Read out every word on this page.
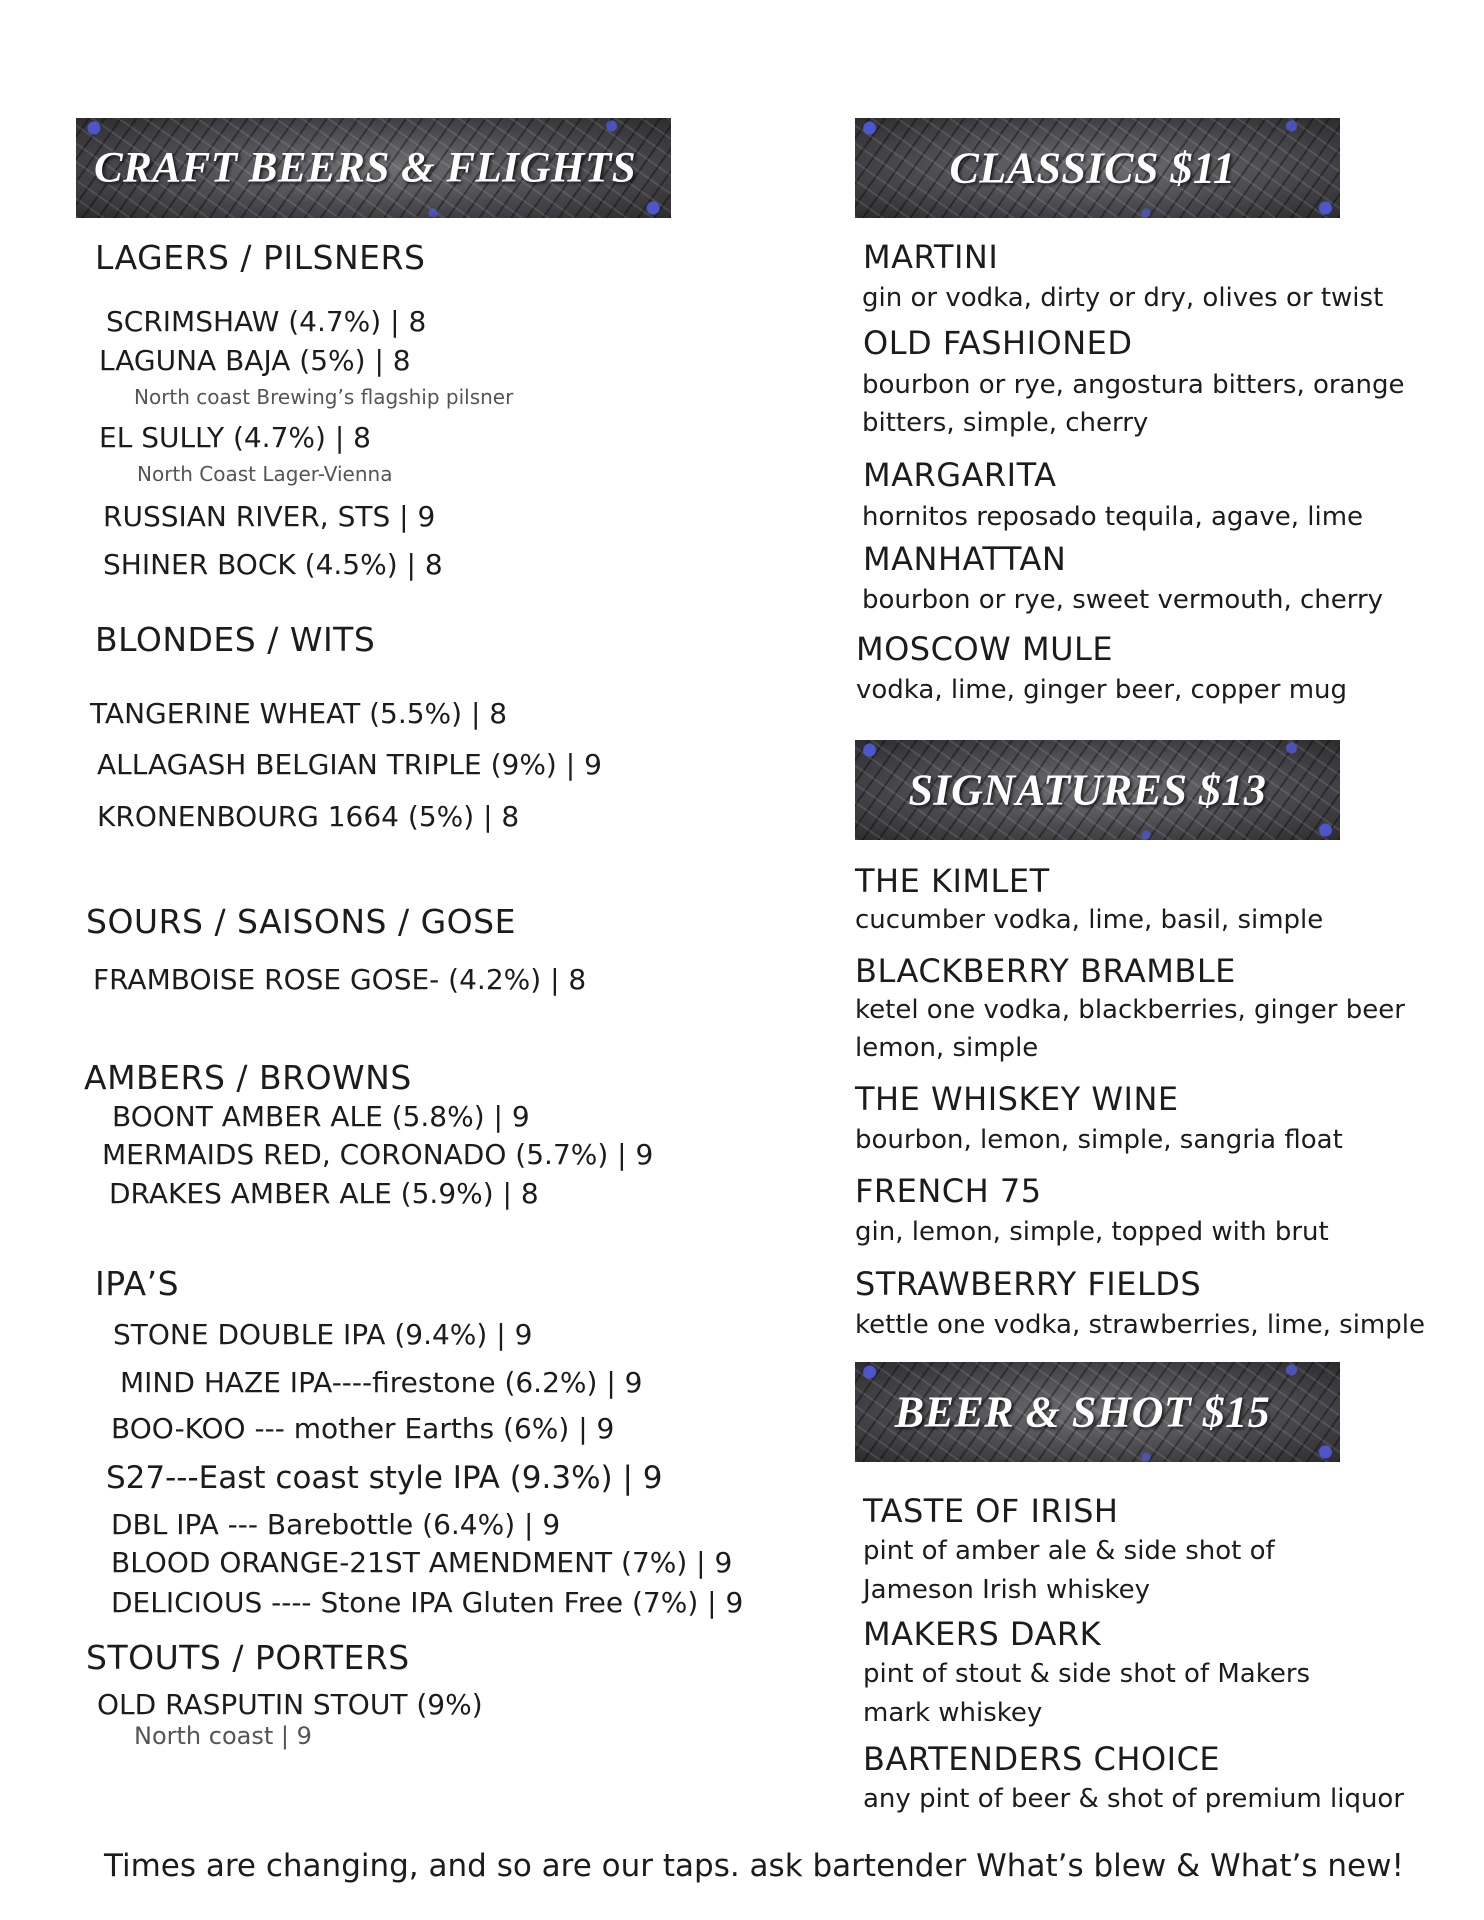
CRAFT BEERS & FLIGHTS
LAGERS / PILSNERS
SCRIMSHAW (4.7%) | 8
LAGUNA BAJA (5%) | 8
North coast Brewing’s flagship pilsner
EL SULLY (4.7%) | 8
North Coast Lager-Vienna
RUSSIAN RIVER, STS | 9
SHINER BOCK (4.5%) | 8
BLONDES / WITS
TANGERINE WHEAT (5.5%) | 8
ALLAGASH BELGIAN TRIPLE (9%) | 9
KRONENBOURG 1664 (5%) | 8
SOURS / SAISONS / GOSE
FRAMBOISE ROSE GOSE- (4.2%) | 8
AMBERS / BROWNS
BOONT AMBER ALE (5.8%) | 9
MERMAIDS RED, CORONADO (5.7%) | 9
DRAKES AMBER ALE (5.9%) | 8
IPA’S
STONE DOUBLE IPA (9.4%) | 9
MIND HAZE IPA----firestone (6.2%) | 9
BOO-KOO --- mother Earths (6%) | 9
S27---East coast style IPA (9.3%) | 9
DBL IPA --- Barebottle (6.4%) | 9
BLOOD ORANGE-21ST AMENDMENT (7%) | 9
DELICIOUS ---- Stone IPA Gluten Free (7%) | 9
STOUTS / PORTERS
OLD RASPUTIN STOUT (9%)
North coast | 9
CLASSICS $11
MARTINI
gin or vodka, dirty or dry, olives or twist
OLD FASHIONED
bourbon or rye, angostura bitters, orange
bitters, simple, cherry
MARGARITA
hornitos reposado tequila, agave, lime
MANHATTAN
bourbon or rye, sweet vermouth, cherry
MOSCOW MULE
vodka, lime, ginger beer, copper mug
SIGNATURES $13
THE KIMLET
cucumber vodka, lime, basil, simple
BLACKBERRY BRAMBLE
ketel one vodka, blackberries, ginger beer
lemon, simple
THE WHISKEY WINE
bourbon, lemon, simple, sangria float
FRENCH 75
gin, lemon, simple, topped with brut
STRAWBERRY FIELDS
kettle one vodka, strawberries, lime, simple
BEER & SHOT $15
TASTE OF IRISH
pint of amber ale & side shot of
Jameson Irish whiskey
MAKERS DARK
pint of stout & side shot of Makers
mark whiskey
BARTENDERS CHOICE
any pint of beer & shot of premium liquor
Times are changing, and so are our taps. ask bartender What’s blew & What’s new!
